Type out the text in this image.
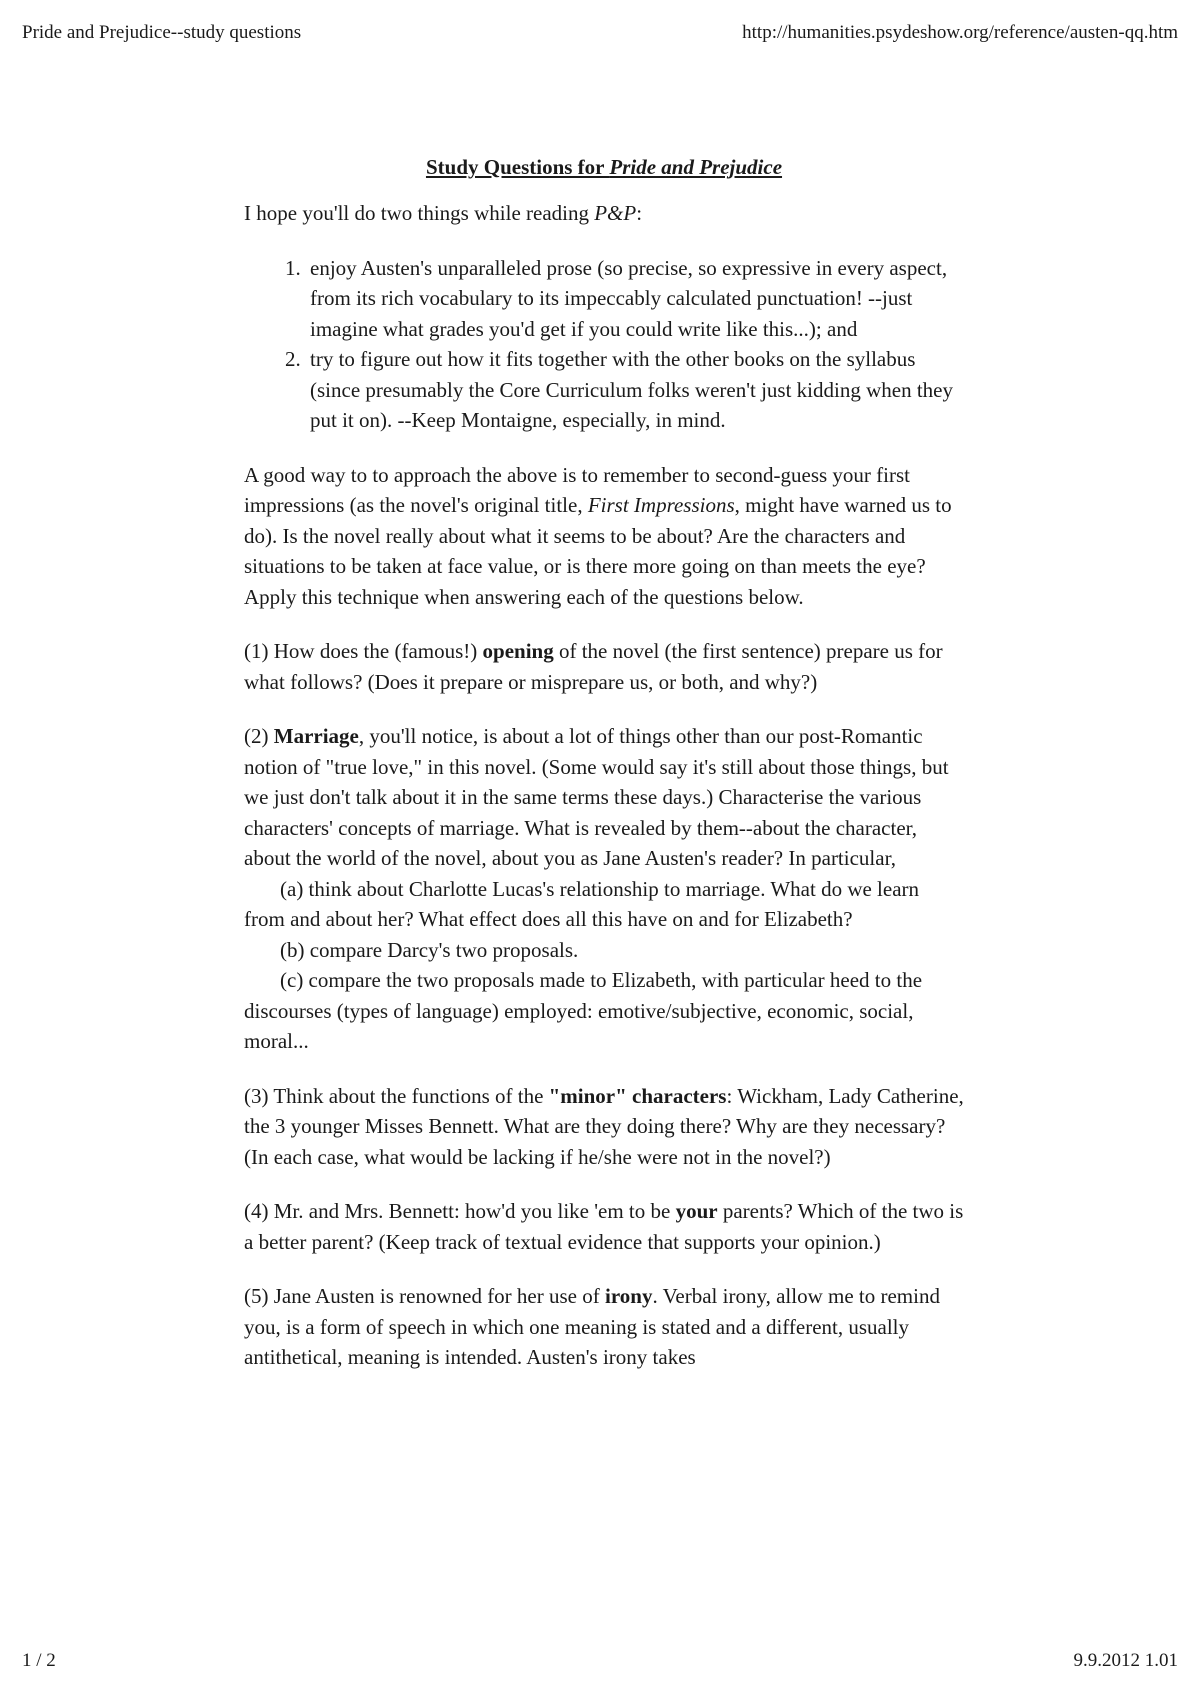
Pride and Prejudice--study questions	http://humanities.psydeshow.org/reference/austen-qq.htm
Study Questions for Pride and Prejudice

I hope you'll do two things while reading P&P:

1. enjoy Austen's unparalleled prose (so precise, so expressive in every aspect, from its rich vocabulary to its impeccably calculated punctuation! --just imagine what grades you'd get if you could write like this...); and
2. try to figure out how it fits together with the other books on the syllabus (since presumably the Core Curriculum folks weren't just kidding when they put it on). --Keep Montaigne, especially, in mind.

A good way to to approach the above is to remember to second-guess your first impressions (as the novel's original title, First Impressions, might have warned us to do). Is the novel really about what it seems to be about? Are the characters and situations to be taken at face value, or is there more going on than meets the eye? Apply this technique when answering each of the questions below.

(1) How does the (famous!) opening of the novel (the first sentence) prepare us for what follows? (Does it prepare or misprepare us, or both, and why?)

(2) Marriage, you'll notice, is about a lot of things other than our post-Romantic notion of "true love," in this novel. (Some would say it's still about those things, but we just don't talk about it in the same terms these days.) Characterise the various characters' concepts of marriage. What is revealed by them--about the character, about the world of the novel, about you as Jane Austen's reader? In particular,
(a) think about Charlotte Lucas's relationship to marriage. What do we learn from and about her? What effect does all this have on and for Elizabeth?
(b) compare Darcy's two proposals.
(c) compare the two proposals made to Elizabeth, with particular heed to the discourses (types of language) employed: emotive/subjective, economic, social, moral...

(3) Think about the functions of the "minor" characters: Wickham, Lady Catherine, the 3 younger Misses Bennett. What are they doing there? Why are they necessary? (In each case, what would be lacking if he/she were not in the novel?)

(4) Mr. and Mrs. Bennett: how'd you like 'em to be your parents? Which of the two is a better parent? (Keep track of textual evidence that supports your opinion.)

(5) Jane Austen is renowned for her use of irony. Verbal irony, allow me to remind you, is a form of speech in which one meaning is stated and a different, usually antithetical, meaning is intended. Austen's irony takes

1 / 2	9.9.2012 1.01
